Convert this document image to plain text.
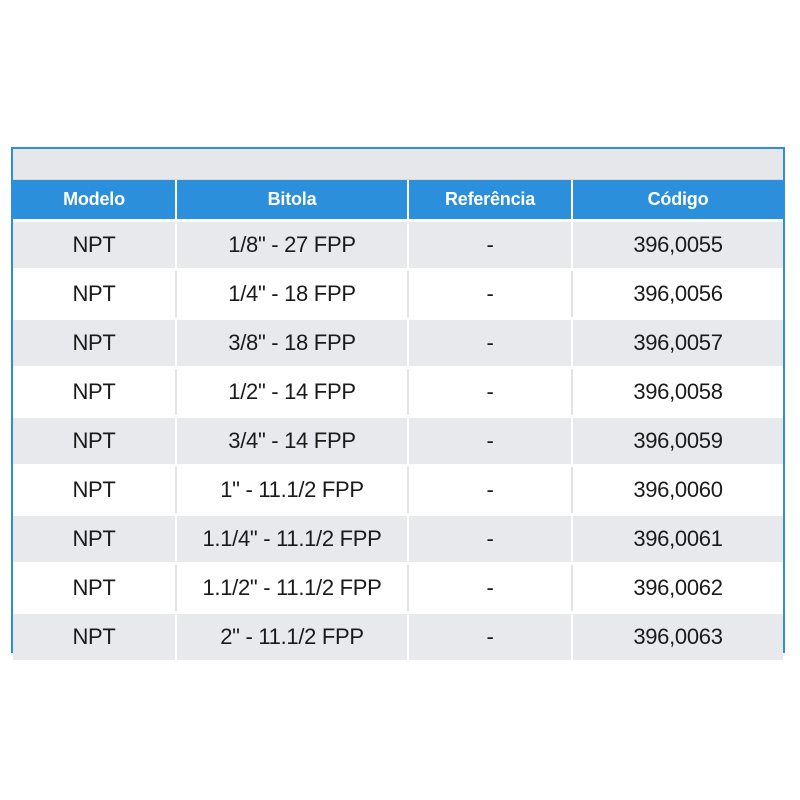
Modelo	Bitola	Referência	Código
NPT	1/8" - 27 FPP	-	396,0055
NPT	1/4" - 18 FPP	-	396,0056
NPT	3/8" - 18 FPP	-	396,0057
NPT	1/2" - 14 FPP	-	396,0058
NPT	3/4" - 14 FPP	-	396,0059
NPT	1" - 11.1/2 FPP	-	396,0060
NPT	1.1/4" - 11.1/2 FPP	-	396,0061
NPT	1.1/2" - 11.1/2 FPP	-	396,0062
NPT	2" - 11.1/2 FPP	-	396,0063
